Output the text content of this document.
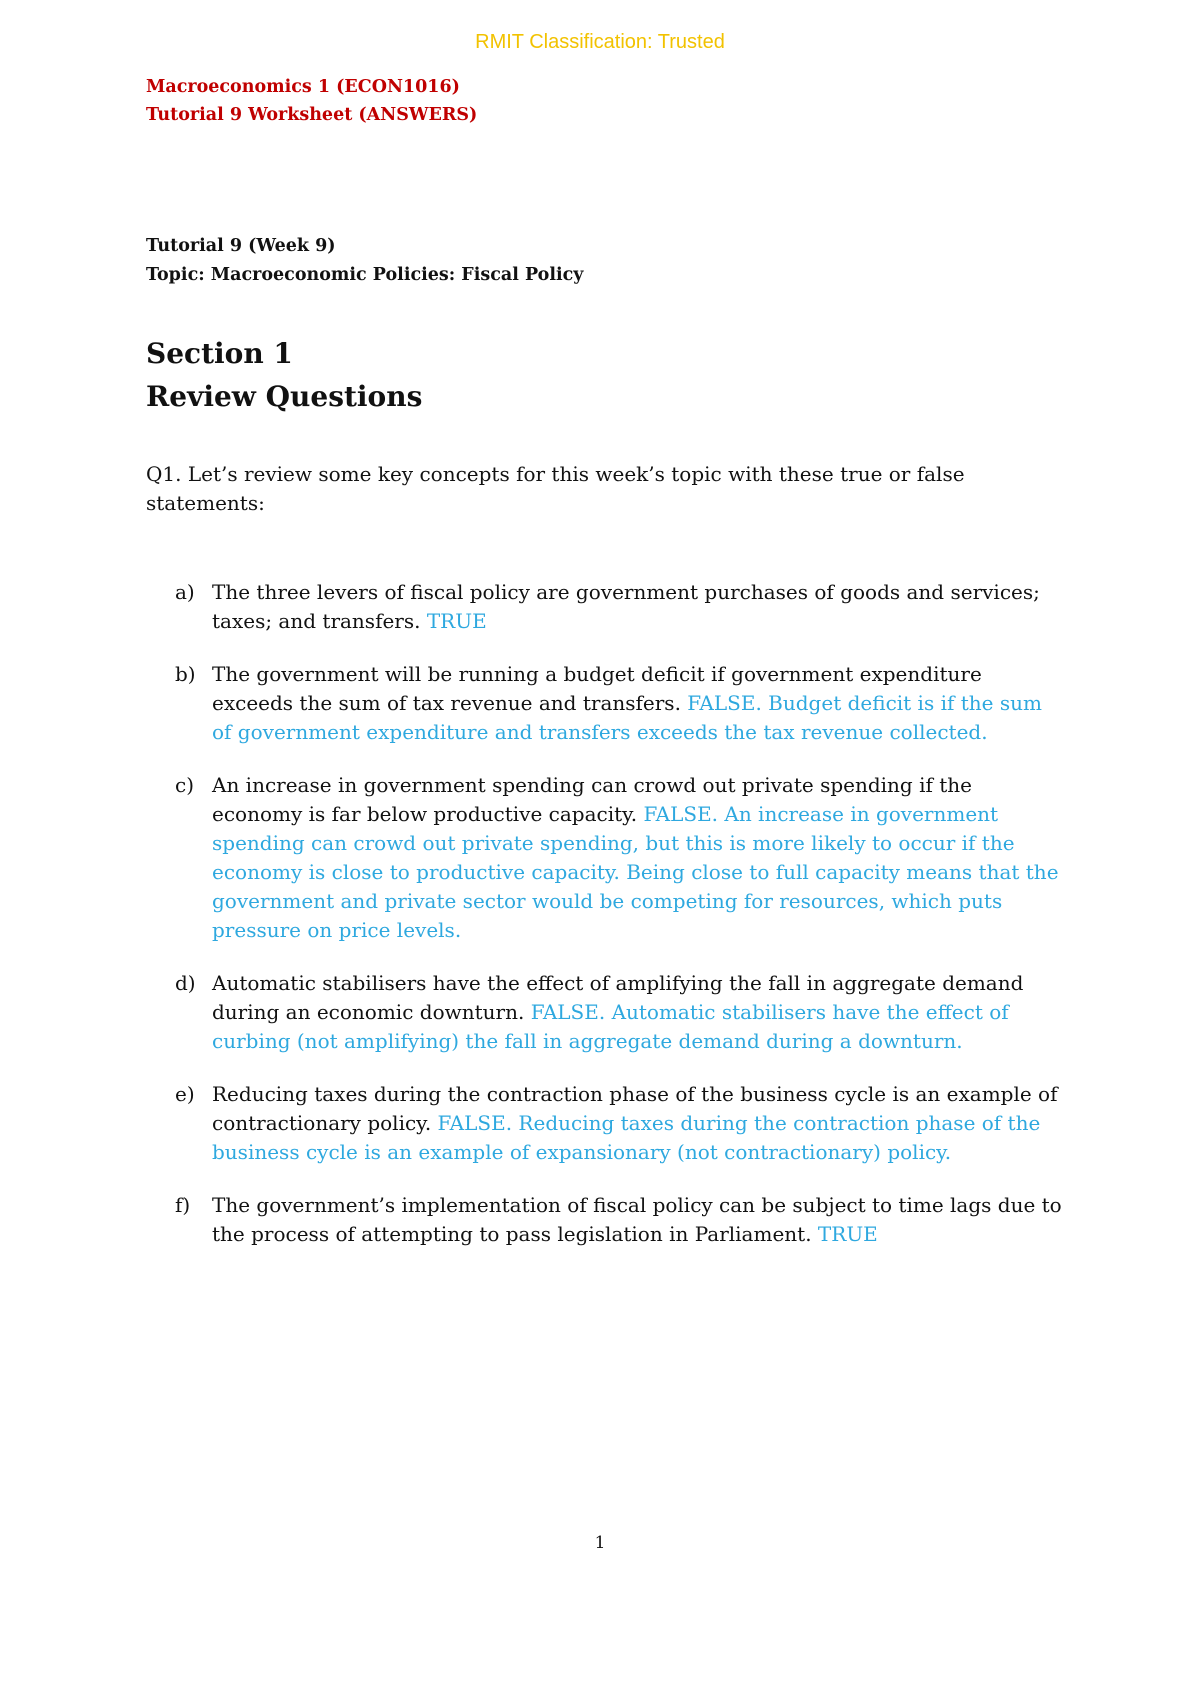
RMIT Classification: Trusted
Macroeconomics 1 (ECON1016)
Tutorial 9 Worksheet (ANSWERS)
Tutorial 9 (Week 9)
Topic: Macroeconomic Policies: Fiscal Policy
Section 1
Review Questions
Q1. Let’s review some key concepts for this week’s topic with these true or false statements:
a) The three levers of fiscal policy are government purchases of goods and services; taxes; and transfers. TRUE
b) The government will be running a budget deficit if government expenditure exceeds the sum of tax revenue and transfers. FALSE. Budget deficit is if the sum of government expenditure and transfers exceeds the tax revenue collected.
c) An increase in government spending can crowd out private spending if the economy is far below productive capacity. FALSE. An increase in government spending can crowd out private spending, but this is more likely to occur if the economy is close to productive capacity. Being close to full capacity means that the government and private sector would be competing for resources, which puts pressure on price levels.
d) Automatic stabilisers have the effect of amplifying the fall in aggregate demand during an economic downturn. FALSE. Automatic stabilisers have the effect of curbing (not amplifying) the fall in aggregate demand during a downturn.
e) Reducing taxes during the contraction phase of the business cycle is an example of contractionary policy. FALSE. Reducing taxes during the contraction phase of the business cycle is an example of expansionary (not contractionary) policy.
f) The government’s implementation of fiscal policy can be subject to time lags due to the process of attempting to pass legislation in Parliament. TRUE
1
